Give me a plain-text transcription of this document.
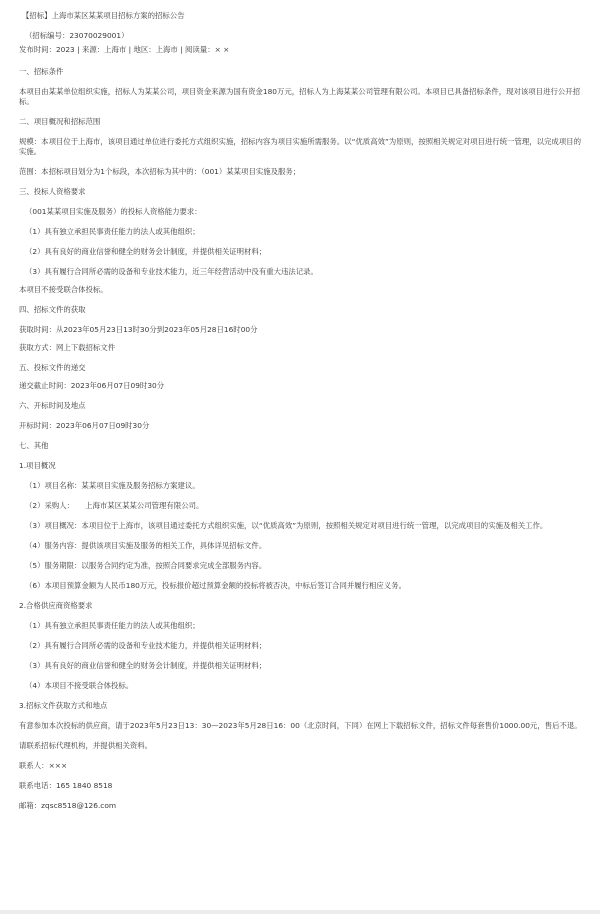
【招标】上海市某区某某项目招标方案的招标公告
（招标编号：23070029001）
发布时间：2023 | 来源：上海市 | 地区：上海市 | 阅读量：× ×
一、招标条件
本项目由某某单位组织实施，招标人为某某公司，项目资金来源为国有资金180万元，招标人为上海某某公司管理有限公司。本项目已具备招标条件，现对该项目进行公开招标。
二、项目概况和招标范围
规模：本项目位于上海市，该项目通过单位进行委托方式组织实施，招标内容为项目实施所需服务。以“优质高效”为原则，按照相关规定对项目进行统一管理，以完成项目的实施。
范围：本招标项目划分为1个标段，本次招标为其中的：（001）某某项目实施及服务；
三、投标人资格要求
（001某某项目实施及服务）的投标人资格能力要求：
（1）具有独立承担民事责任能力的法人或其他组织；
（2）具有良好的商业信誉和健全的财务会计制度，并提供相关证明材料；
（3）具有履行合同所必需的设备和专业技术能力，近三年经营活动中没有重大违法记录。
本项目不接受联合体投标。
四、招标文件的获取
获取时间：从2023年05月23日13时30分到2023年05月28日16时00分
获取方式：网上下载招标文件
五、投标文件的递交
递交截止时间：2023年06月07日09时30分
六、开标时间及地点
开标时间：2023年06月07日09时30分
七、其他
1.项目概况
（1）项目名称：某某项目实施及服务招标方案建议。
（2）采购人：　　上海市某区某某公司管理有限公司。
（3）项目概况：本项目位于上海市，该项目通过委托方式组织实施，以“优质高效”为原则，按照相关规定对项目进行统一管理，以完成项目的实施及相关工作。
（4）服务内容：提供该项目实施及服务的相关工作，具体详见招标文件。
（5）服务期限：以服务合同约定为准，按照合同要求完成全部服务内容。
（6）本项目预算金额为人民币180万元，投标报价超过预算金额的投标将被否决，中标后签订合同并履行相应义务。
2.合格供应商资格要求
（1）具有独立承担民事责任能力的法人或其他组织；
（2）具有履行合同所必需的设备和专业技术能力，并提供相关证明材料；
（3）具有良好的商业信誉和健全的财务会计制度，并提供相关证明材料；
（4）本项目不接受联合体投标。
3.招标文件获取方式和地点
有意参加本次投标的供应商，请于2023年5月23日13：30—2023年5月28日16：00（北京时间，下同）在网上下载招标文件，招标文件每套售价1000.00元，售后不退。
请联系招标代理机构，并提供相关资料。
联系人：×××
联系电话：165 1840 8518
邮箱：zqsc8518@126.com
